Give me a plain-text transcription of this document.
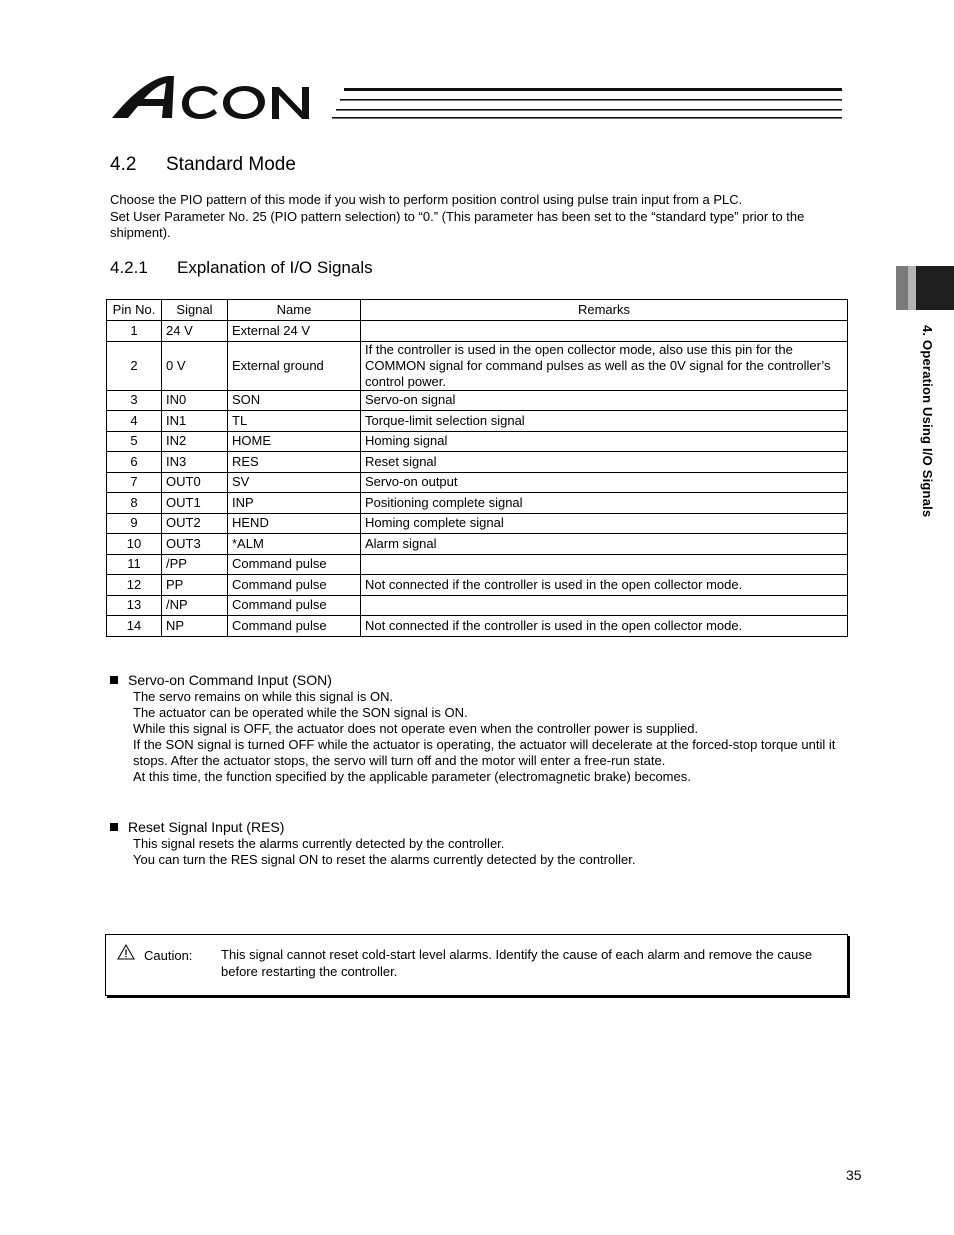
4.2 Standard Mode

Choose the PIO pattern of this mode if you wish to perform position control using pulse train input from a PLC.

Set User Parameter No. 25 (PIO pattern selection) to “0.” (This parameter has been set to the “standard type” prior to the shipment).

4.2.1 Explanation of I/O Signals
4. Operation Using I/O Signals
Pin No.	Signal	Name	Remarks
1	24 V	External 24 V	
2	0 V	External ground	If the controller is used in the open collector mode, also use this pin for the COMMON signal for command pulses as well as the 0V signal for the controller’s control power.
3	IN0	SON	Servo-on signal
4	IN1	TL	Torque-limit selection signal
5	IN2	HOME	Homing signal
6	IN3	RES	Reset signal
7	OUT0	SV	Servo-on output
8	OUT1	INP	Positioning complete signal
9	OUT2	HEND	Homing complete signal
10	OUT3	*ALM	Alarm signal
11	/PP	Command pulse	
12	PP	Command pulse	Not connected if the controller is used in the open collector mode.
13	/NP	Command pulse	
14	NP	Command pulse	Not connected if the controller is used in the open collector mode.
Servo-on Command Input (SON)

The servo remains on while this signal is ON.

The actuator can be operated while the SON signal is ON.

While this signal is OFF, the actuator does not operate even when the controller power is supplied.

If the SON signal is turned OFF while the actuator is operating, the actuator will decelerate at the forced-stop torque until it stops. After the actuator stops, the servo will turn off and the motor will enter a free-run state.

At this time, the function specified by the applicable parameter (electromagnetic brake) becomes.

Reset Signal Input (RES)

This signal resets the alarms currently detected by the controller.

You can turn the RES signal ON to reset the alarms currently detected by the controller.

Caution: This signal cannot reset cold-start level alarms. Identify the cause of each alarm and remove the cause before restarting the controller.
35
